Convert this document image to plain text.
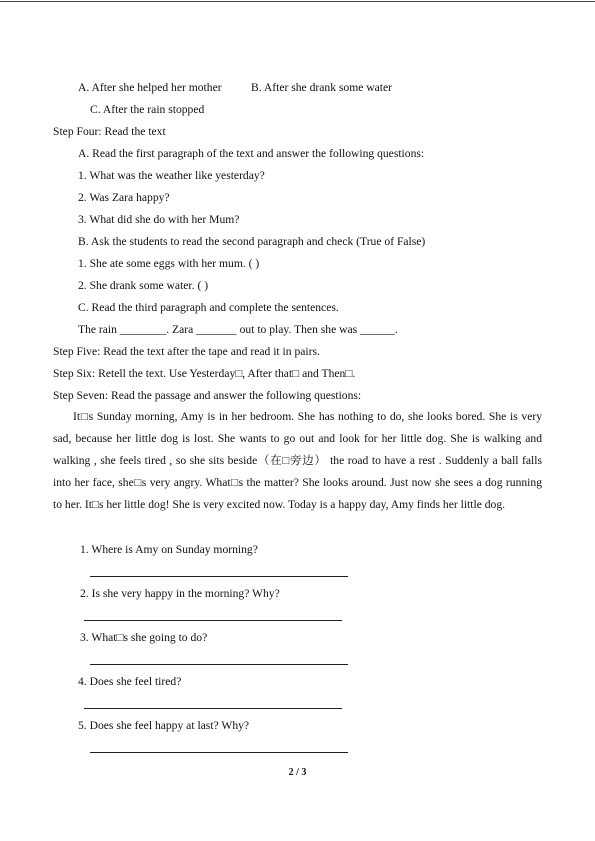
A. After she helped her mother	B. After she drank some water
C. After the rain stopped
Step Four: Read the text
A. Read the first paragraph of the text and answer the following questions:
1. What was the weather like yesterday?
2. Was Zara happy?
3. What did she do with her Mum?
B. Ask the students to read the second paragraph and check (True of False)
1. She ate some eggs with her mum. ( )
2. She drank some water. ( )
C. Read the third paragraph and complete the sentences.
The rain ________. Zara _______ out to play. Then she was ______.
Step Five: Read the text after the tape and read it in pairs.
Step Six: Retell the text. Use Yesterday□, After that□ and Then□.
Step Seven: Read the passage and answer the following questions:
It□s Sunday morning, Amy is in her bedroom. She has nothing to do, she looks bored. She is very sad, because her little dog is lost. She wants to go out and look for her little dog. She is walking and walking , she feels tired , so she sits beside（在□旁边） the road to have a rest . Suddenly a ball falls into her face, she□s very angry. What□s the matter? She looks around. Just now she sees a dog running to her. It□s her little dog! She is very excited now. Today is a happy day, Amy finds her little dog.
1. Where is Amy on Sunday morning?
2. Is she very happy in the morning? Why?
3. What□s she going to do?
4. Does she feel tired?
5. Does she feel happy at last? Why?
2 / 3
